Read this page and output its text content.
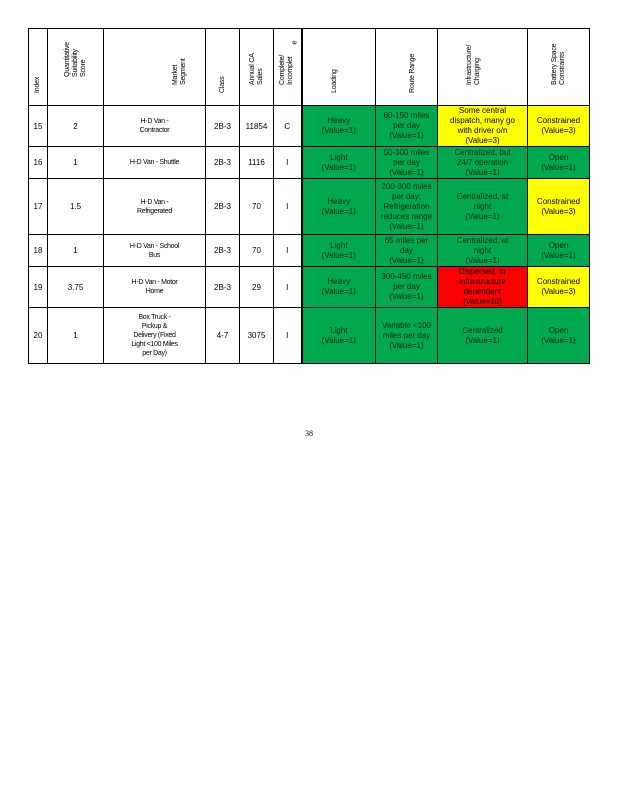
Index	Quantitative
Suitability
Score	Market
Segment	Class	Annual CA
Sales	Complete/
Incomplet
e	Loading	Route Range	Infrastructure/
Charging	Battery Space
Constraints

15	2	H-D Van -
Contractor	2B-3	11854	C	Heavy
(Value=1)	60-150 miles
per day
(Value=1)	Some central
dispatch, many go
with driver o/n
(Value=3)	Constrained
(Value=3)

16	1	H-D Van - Shuttle	2B-3	1116	I	Light
(Value=1)	50-300 miles
per day
(Value=1)	Centralized, but
24/7 operation
(Value=1)	Open
(Value=1)

17	1.5	H-D Van -
Refrigerated	2B-3	70	I	Heavy
(Value=1)	200-300 miles
per day;
Refrigeration
reduces range
(Value=1)	Centralized, at
night
(Value=1)	Constrained
(Value=3)

18	1	H-D Van - School
Bus	2B-3	70	I	Light
(Value=1)	65 miles per
day
(Value=1)	Centralized, at
night
(Value=1)	Open
(Value=1)

19	3.75	H-D Van - Motor
Home	2B-3	29	I	Heavy
(Value=1)	300-450 miles
per day
(Value=1)	Dispersed, or
infrastructure
dependent
(Value=10)	Constrained
(Value=3)

20	1	Box Truck -
Pickup &
Delivery (Fixed
Light <100 Miles
per Day)	4-7	3075	I	Light
(Value=1)	Variable <100
miles per day
(Value=1)	Centralized
(Value=1)	Open
(Value=1)
38
